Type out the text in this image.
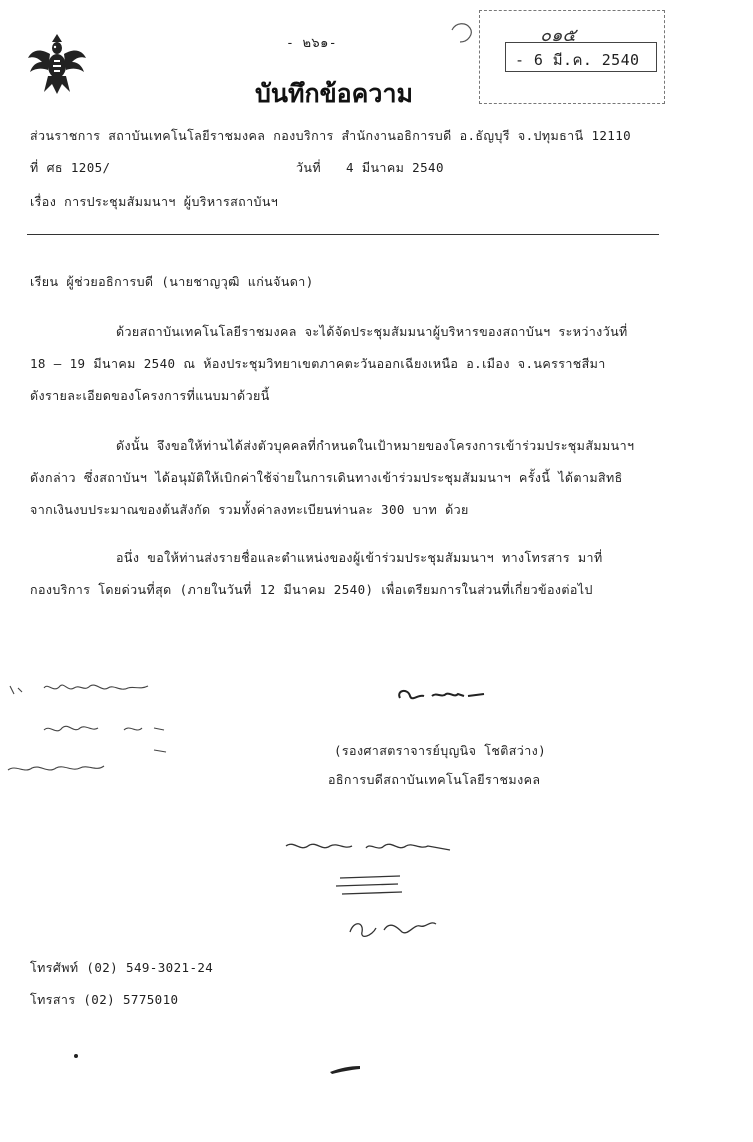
- ๒๖๑-
บันทึกข้อความ
๐๑๕
- 6 มี.ค. 2540
ส่วนราชการ สถาบันเทคโนโลยีราชมงคล กองบริการ สำนักงานอธิการบดี อ.ธัญบุรี จ.ปทุมธานี 12110
ที่ ศธ 1205/	วันที่ 4 มีนาคม 2540
เรื่อง การประชุมสัมมนาฯ ผู้บริหารสถาบันฯ
เรียน ผู้ช่วยอธิการบดี (นายชาญวุฒิ แก่นจันดา)
ด้วยสถาบันเทคโนโลยีราชมงคล จะได้จัดประชุมสัมมนาผู้บริหารของสถาบันฯ ระหว่างวันที่
18 – 19 มีนาคม 2540 ณ ห้องประชุมวิทยาเขตภาคตะวันออกเฉียงเหนือ อ.เมือง จ.นครราชสีมา
ดังรายละเอียดของโครงการที่แนบมาด้วยนี้
ดังนั้น จึงขอให้ท่านได้ส่งตัวบุคคลที่กำหนดในเป้าหมายของโครงการเข้าร่วมประชุมสัมมนาฯ
ดังกล่าว ซึ่งสถาบันฯ ได้อนุมัติให้เบิกค่าใช้จ่ายในการเดินทางเข้าร่วมประชุมสัมมนาฯ ครั้งนี้ ได้ตามสิทธิ
จากเงินงบประมาณของต้นสังกัด รวมทั้งค่าลงทะเบียนท่านละ 300 บาท ด้วย
อนึ่ง ขอให้ท่านส่งรายชื่อและตำแหน่งของผู้เข้าร่วมประชุมสัมมนาฯ ทางโทรสาร มาที่
กองบริการ โดยด่วนที่สุด (ภายในวันที่ 12 มีนาคม 2540) เพื่อเตรียมการในส่วนที่เกี่ยวข้องต่อไป
(รองศาสตราจารย์บุญนิจ โชติสว่าง)
อธิการบดีสถาบันเทคโนโลยีราชมงคล
โทรศัพท์ (02) 549-3021-24
โทรสาร (02) 5775010
